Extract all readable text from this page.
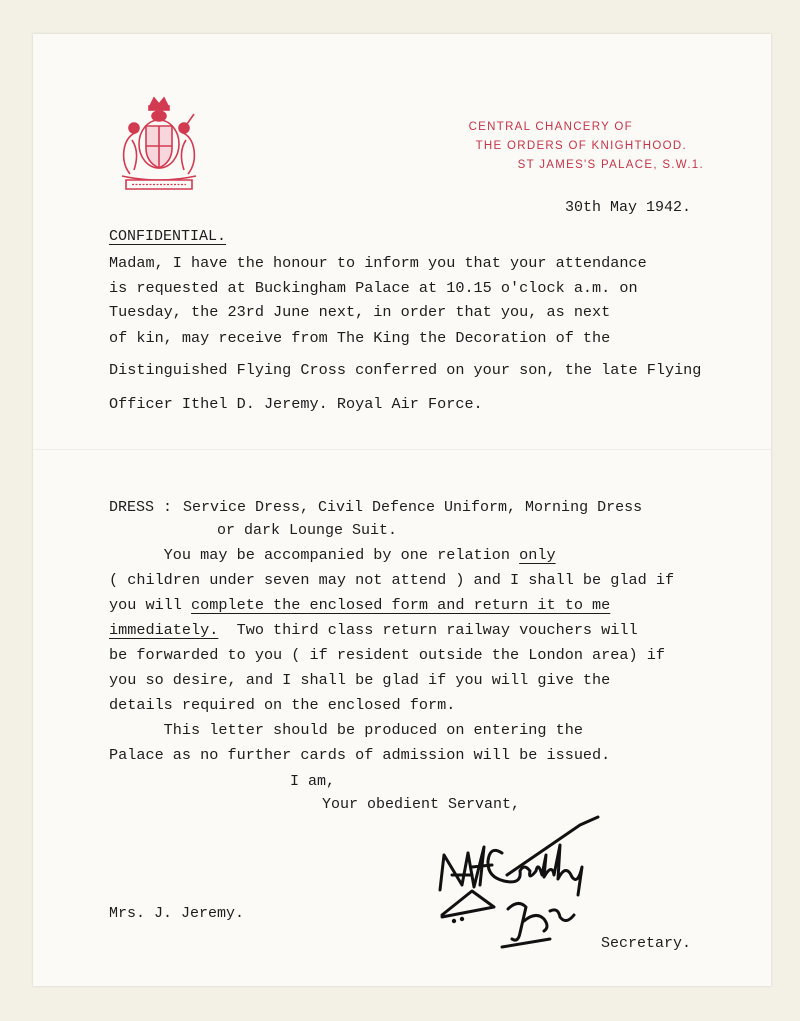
CENTRAL CHANCERY OF
THE ORDERS OF KNIGHTHOOD.
ST JAMES'S PALACE, S.W.1.
30th May 1942.
CONFIDENTIAL.
Madam, I have the honour to inform you that your attendance
is requested at Buckingham Palace at 10.15 o'clock a.m. on
Tuesday, the 23rd June next, in order that you, as next
of kin, may receive from The King the Decoration of the
Distinguished Flying Cross conferred on your son, the late Flying
Officer Ithel D. Jeremy. Royal Air Force.
DRESS : Service Dress, Civil Defence Uniform, Morning Dress
or dark Lounge Suit.
You may be accompanied by one relation only
( children under seven may not attend ) and I shall be glad if
you will complete the enclosed form and return it to me
immediately.  Two third class return railway vouchers will
be forwarded to you ( if resident outside the London area) if
you so desire, and I shall be glad if you will give the
details required on the enclosed form.
This letter should be produced on entering the
Palace as no further cards of admission will be issued.
I am,
Your obedient Servant,
Mrs. J. Jeremy.
Secretary.
